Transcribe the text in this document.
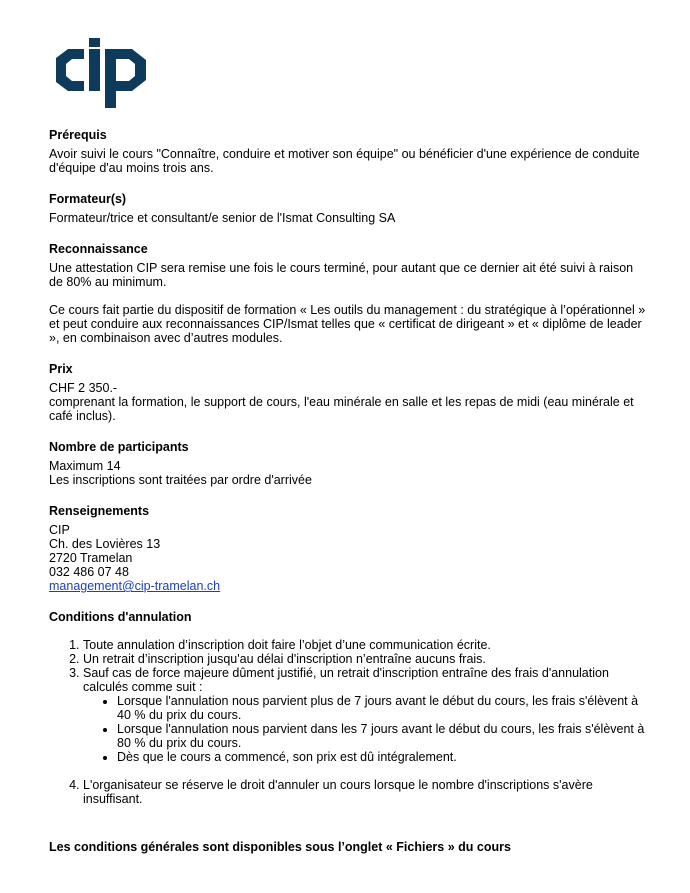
Prérequis

Avoir suivi le cours "Connaître, conduire et motiver son équipe" ou bénéficier d'une expérience de conduite d'équipe d'au moins trois ans.

Formateur(s)

Formateur/trice et consultant/e senior de l'Ismat Consulting SA

Reconnaissance

Une attestation CIP sera remise une fois le cours terminé, pour autant que ce dernier ait été suivi à raison de 80% au minimum.

Ce cours fait partie du dispositif de formation « Les outils du management : du stratégique à l’opérationnel » et peut conduire aux reconnaissances CIP/Ismat telles que « certificat de dirigeant » et « diplôme de leader », en combinaison avec d’autres modules.

Prix
CHF 2 350.-
comprenant la formation, le support de cours, l'eau minérale en salle et les repas de midi (eau minérale et café inclus).
Nombre de participants
Maximum 14
Les inscriptions sont traitées par ordre d'arrivée
Renseignements
CIP
Ch. des Lovières 13
2720 Tramelan
032 486 07 48
management@cip-tramelan.ch
Conditions d'annulation
1. Toute annulation d’inscription doit faire l’objet d’une communication écrite.
2. Un retrait d’inscription jusqu'au délai d'inscription n’entraîne aucuns frais.
3. Sauf cas de force majeure dûment justifié, un retrait d'inscription entraîne des frais d'annulation calculés comme suit :
• Lorsque l'annulation nous parvient plus de 7 jours avant le début du cours, les frais s'élèvent à 40 % du prix du cours.
• Lorsque l'annulation nous parvient dans les 7 jours avant le début du cours, les frais s'élèvent à 80 % du prix du cours.
• Dès que le cours a commencé, son prix est dû intégralement.
4. L'organisateur se réserve le droit d'annuler un cours lorsque le nombre d'inscriptions s'avère insuffisant.
Les conditions générales sont disponibles sous l’onglet « Fichiers » du cours
